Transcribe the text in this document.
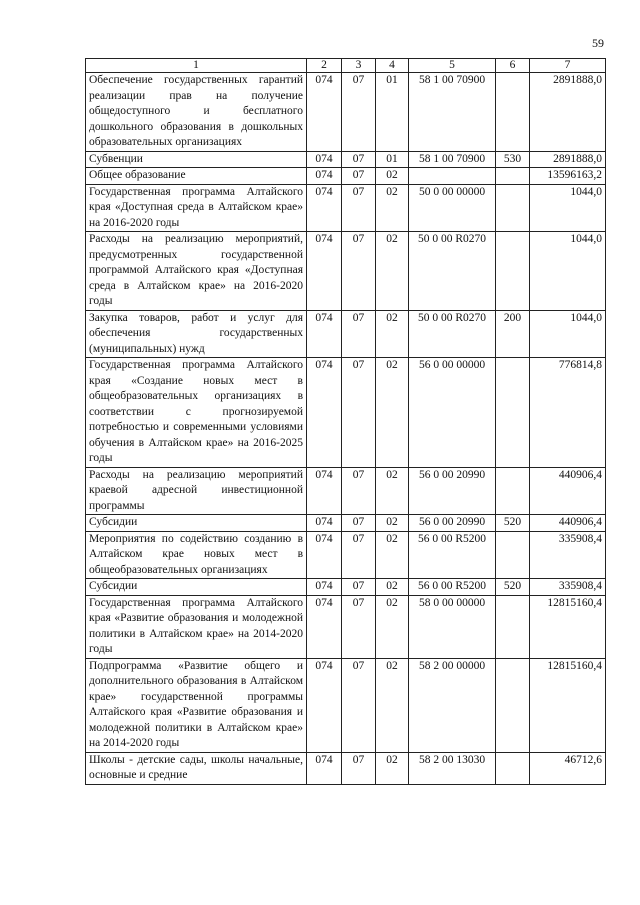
59
1	2	3	4	5	6	7
Обеспечение государственных гарантий реализации прав на получение общедоступного и бесплатного дошкольного образования в дошкольных образовательных организациях	074	07	01	58 1 00 70900		2891888,0
Субвенции	074	07	01	58 1 00 70900	530	2891888,0
Общее образование	074	07	02			13596163,2
Государственная программа Алтайского края «Доступная среда в Алтайском крае» на 2016-2020 годы	074	07	02	50 0 00 00000		1044,0
Расходы на реализацию мероприятий, предусмотренных государственной программой Алтайского края «Доступная среда в Алтайском крае» на 2016-2020 годы	074	07	02	50 0 00 R0270		1044,0
Закупка товаров, работ и услуг для обеспечения государственных (муниципальных) нужд	074	07	02	50 0 00 R0270	200	1044,0
Государственная программа Алтайского края «Создание новых мест в общеобразовательных организациях в соответствии с прогнозируемой потребностью и современными условиями обучения в Алтайском крае» на 2016-2025 годы	074	07	02	56 0 00 00000		776814,8
Расходы на реализацию мероприятий краевой адресной инвестиционной программы	074	07	02	56 0 00 20990		440906,4
Субсидии	074	07	02	56 0 00 20990	520	440906,4
Мероприятия по содействию созданию в Алтайском крае новых мест в общеобразовательных организациях	074	07	02	56 0 00 R5200		335908,4
Субсидии	074	07	02	56 0 00 R5200	520	335908,4
Государственная программа Алтайского края «Развитие образования и молодежной политики в Алтайском крае» на 2014-2020 годы	074	07	02	58 0 00 00000		12815160,4
Подпрограмма «Развитие общего и дополнительного образования в Алтайском крае» государственной программы Алтайского края «Развитие образования и молодежной политики в Алтайском крае» на 2014-2020 годы	074	07	02	58 2 00 00000		12815160,4
Школы - детские сады, школы начальные, основные и средние	074	07	02	58 2 00 13030		46712,6
